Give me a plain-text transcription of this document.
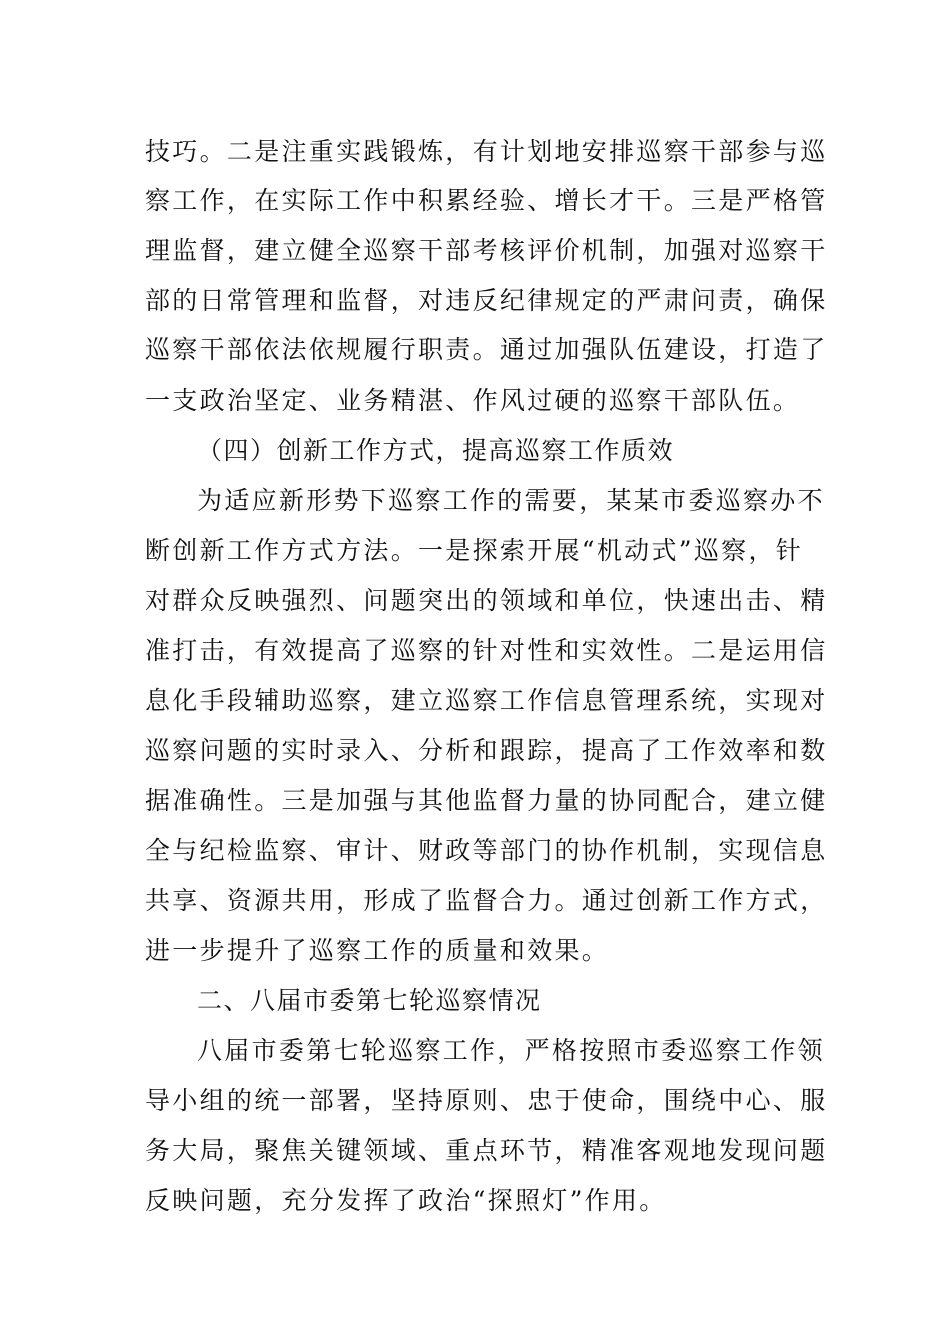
技巧。二是注重实践锻炼，有计划地安排巡察干部参与巡
察工作，在实际工作中积累经验、增长才干。三是严格管
理监督，建立健全巡察干部考核评价机制，加强对巡察干
部的日常管理和监督，对违反纪律规定的严肃问责，确保
巡察干部依法依规履行职责。通过加强队伍建设，打造了
一支政治坚定、业务精湛、作风过硬的巡察干部队伍。
（四）创新工作方式，提高巡察工作质效
为适应新形势下巡察工作的需要，某某市委巡察办不
断创新工作方式方法。一是探索开展“机动式”巡察，针
对群众反映强烈、问题突出的领域和单位，快速出击、精
准打击，有效提高了巡察的针对性和实效性。二是运用信
息化手段辅助巡察，建立巡察工作信息管理系统，实现对
巡察问题的实时录入、分析和跟踪，提高了工作效率和数
据准确性。三是加强与其他监督力量的协同配合，建立健
全与纪检监察、审计、财政等部门的协作机制，实现信息
共享、资源共用，形成了监督合力。通过创新工作方式，
进一步提升了巡察工作的质量和效果。
二、八届市委第七轮巡察情况
八届市委第七轮巡察工作，严格按照市委巡察工作领
导小组的统一部署，坚持原则、忠于使命，围绕中心、服
务大局，聚焦关键领域、重点环节，精准客观地发现问题
反映问题，充分发挥了政治“探照灯”作用。
